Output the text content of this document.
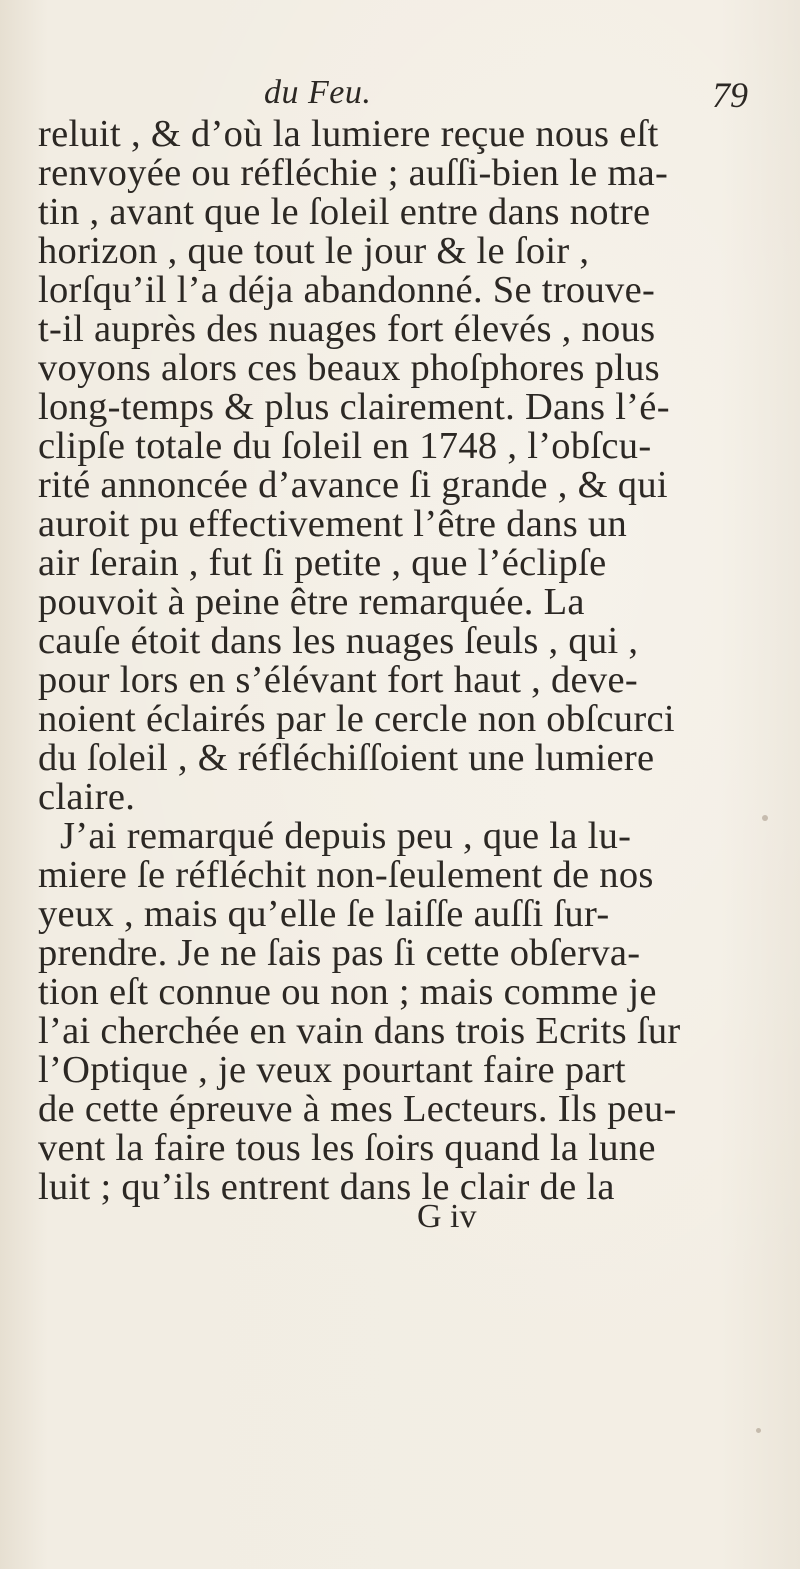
du Feu.	79
reluit , & d’où la lumiere reçue nous eſt
renvoyée ou réfléchie ; auſſi-bien le ma-
tin , avant que le ſoleil entre dans notre
horizon , que tout le jour & le ſoir ,
lorſqu’il l’a déja abandonné. Se trouve-
t-il auprès des nuages fort élevés , nous
voyons alors ces beaux phoſphores plus
long-temps & plus clairement. Dans l’é-
clipſe totale du ſoleil en 1748 , l’obſcu-
rité annoncée d’avance ſi grande , & qui
auroit pu effectivement l’être dans un
air ſerain , fut ſi petite , que l’éclipſe
pouvoit à peine être remarquée. La
cauſe étoit dans les nuages ſeuls , qui ,
pour lors en s’élévant fort haut , deve-
noient éclairés par le cercle non obſcurci
du ſoleil , & réfléchiſſoient une lumiere
claire.
J’ai remarqué depuis peu , que la lu-
miere ſe réfléchit non-ſeulement de nos
yeux , mais qu’elle ſe laiſſe auſſi ſur-
prendre. Je ne ſais pas ſi cette obſerva-
tion eſt connue ou non ; mais comme je
l’ai cherchée en vain dans trois Ecrits ſur
l’Optique , je veux pourtant faire part
de cette épreuve à mes Lecteurs. Ils peu-
vent la faire tous les ſoirs quand la lune
luit ; qu’ils entrent dans le clair de la
G iv
